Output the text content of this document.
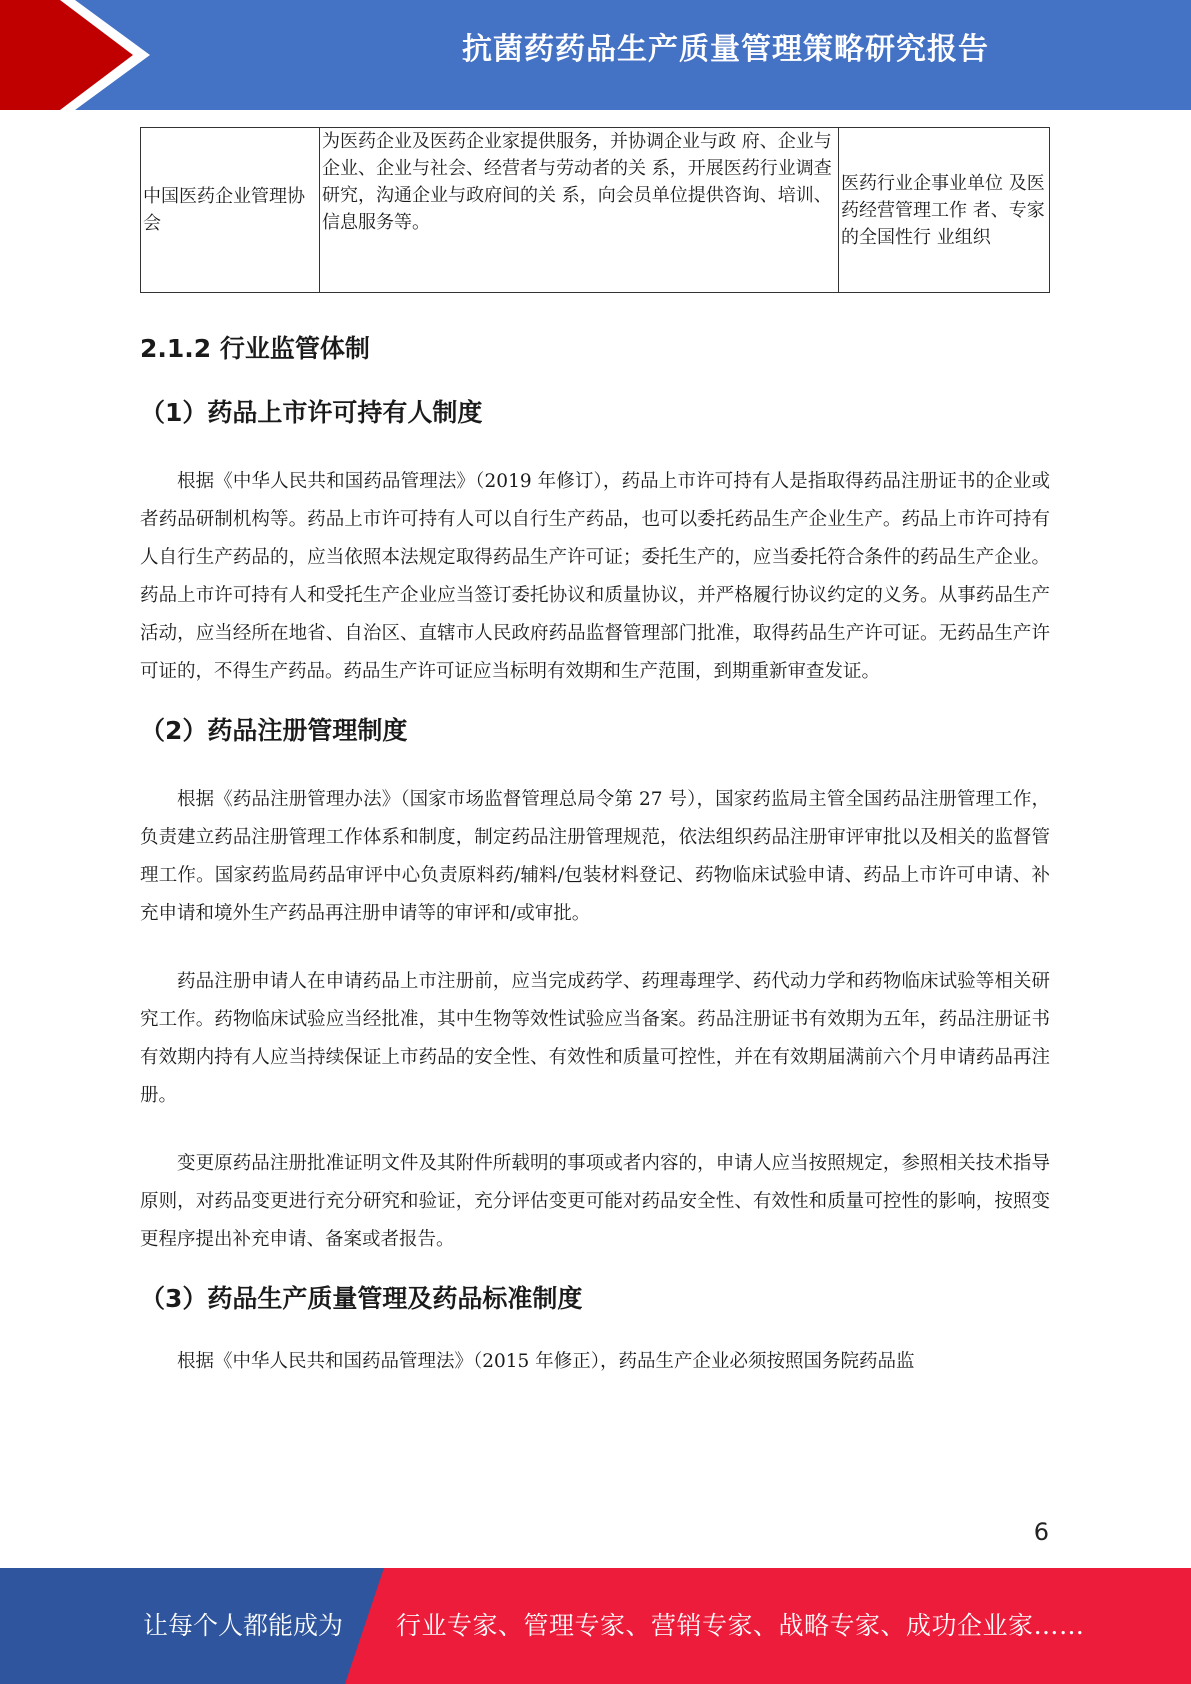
抗菌药药品生产质量管理策略研究报告
中国医药企业管理协会	为医药企业及医药企业家提供服务，并协调企业与政 府、企业与企业、企业与社会、经营者与劳动者的关 系，开展医药行业调查研究，沟通企业与政府间的关 系，向会员单位提供咨询、培训、信息服务等。	医药行业企事业单位 及医药经营管理工作 者、专家的全国性行 业组织
2.1.2 行业监管体制
（1）药品上市许可持有人制度

根据《中华人民共和国药品管理法》（2019 年修订），药品上市许可持有人是指取得药品注册证书的企业或者药品研制机构等。药品上市许可持有人可以自行生产药品，也可以委托药品生产企业生产。药品上市许可持有人自行生产药品的，应当依照本法规定取得药品生产许可证；委托生产的，应当委托符合条件的药品生产企业。药品上市许可持有人和受托生产企业应当签订委托协议和质量协议，并严格履行协议约定的义务。从事药品生产活动，应当经所在地省、自治区、直辖市人民政府药品监督管理部门批准，取得药品生产许可证。无药品生产许可证的，不得生产药品。药品生产许可证应当标明有效期和生产范围，到期重新审查发证。

（2）药品注册管理制度

根据《药品注册管理办法》（国家市场监督管理总局令第 27 号），国家药监局主管全国药品注册管理工作，负责建立药品注册管理工作体系和制度，制定药品注册管理规范，依法组织药品注册审评审批以及相关的监督管理工作。国家药监局药品审评中心负责原料药/辅料/包装材料登记、药物临床试验申请、药品上市许可申请、补充申请和境外生产药品再注册申请等的审评和/或审批。

药品注册申请人在申请药品上市注册前，应当完成药学、药理毒理学、药代动力学和药物临床试验等相关研究工作。药物临床试验应当经批准，其中生物等效性试验应当备案。药品注册证书有效期为五年，药品注册证书有效期内持有人应当持续保证上市药品的安全性、有效性和质量可控性，并在有效期届满前六个月申请药品再注册。

变更原药品注册批准证明文件及其附件所载明的事项或者内容的，申请人应当按照规定，参照相关技术指导原则，对药品变更进行充分研究和验证，充分评估变更可能对药品安全性、有效性和质量可控性的影响，按照变更程序提出补充申请、备案或者报告。

（3）药品生产质量管理及药品标准制度

根据《中华人民共和国药品管理法》（2015 年修正），药品生产企业必须按照国务院药品监

6
让每个人都能成为 行业专家、管理专家、营销专家、战略专家、成功企业家……
